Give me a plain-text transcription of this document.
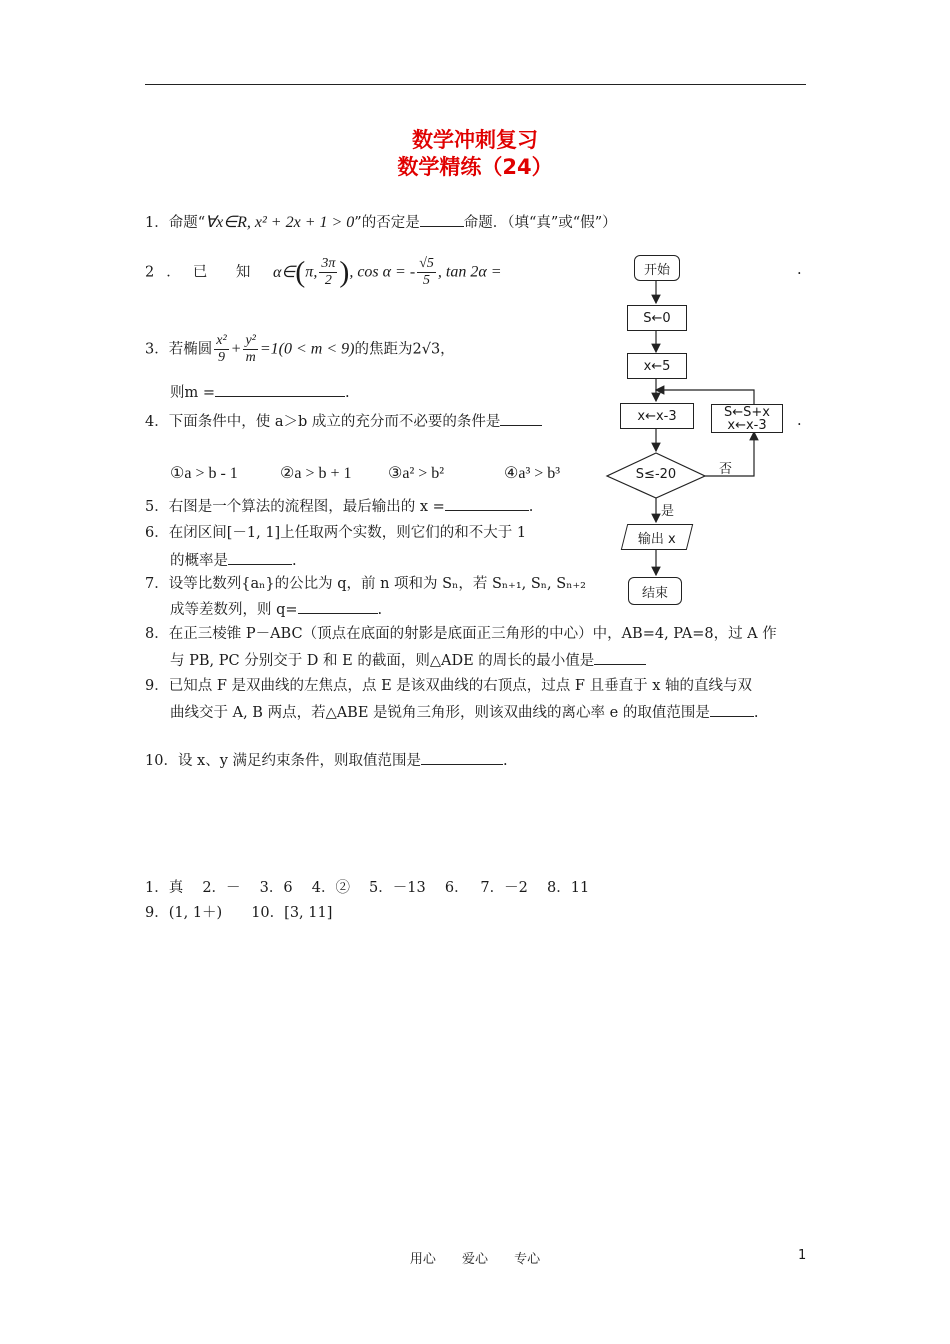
数学冲刺复习
数学精练（24）
1．命题“∀x∈R, x² + 2x + 1 > 0”的否定是	命题．（填“真”或“假”）
2．已 知 α∈(π, $\frac{3\pi}{2}$ ), cos α = - $\frac{√5}{5}$ , tan 2α =	.
3．若椭圆 $\frac{\text{x²}}{9} + \frac{\text{y²}}{m} =1(0 < m < 9)$的焦距为2√3，
则m =	.
4．下面条件中，使 a＞b 成立的充分而不必要的条件是	.
①a > b - 1	②a > b + 1 ③a² > b²	④a³ > b³
5．右图是一个算法的流程图，最后输出的 x =	.
6．在闭区间[－1, 1]上任取两个实数，则它们的和不大于 1
的概率是	.
7．设等比数列{aₙ}的公比为 q，前 n 项和为 Sₙ，若 Sₙ₊₁, Sₙ, Sₙ₊₂
成等差数列，则 q=	.
8．在正三棱锥 P－ABC（顶点在底面的射影是底面正三角形的中心）中，AB=4, PA=8，过 A 作
与 PB, PC 分别交于 D 和 E 的截面，则△ADE 的周长的最小值是
9．已知点 F 是双曲线的左焦点，点 E 是该双曲线的右顶点，过点 F 且垂直于 x 轴的直线与双
曲线交于 A, B 两点，若△ABE 是锐角三角形，则该双曲线的离心率 e 的取值范围是	.
10．设 x、y 满足约束条件，则取值范围是	.
1．真　 2．－　 3．6　 4．②　 5．－13　 6．　 7．－2　 8．11
9．(1, 1＋)　　10．[3, 11]
开始
S←0
x←5
x←x-3	S←S+x
x←x-3
S≤-20	否
是
输出 x
结束
用心 爱心 专心	1
